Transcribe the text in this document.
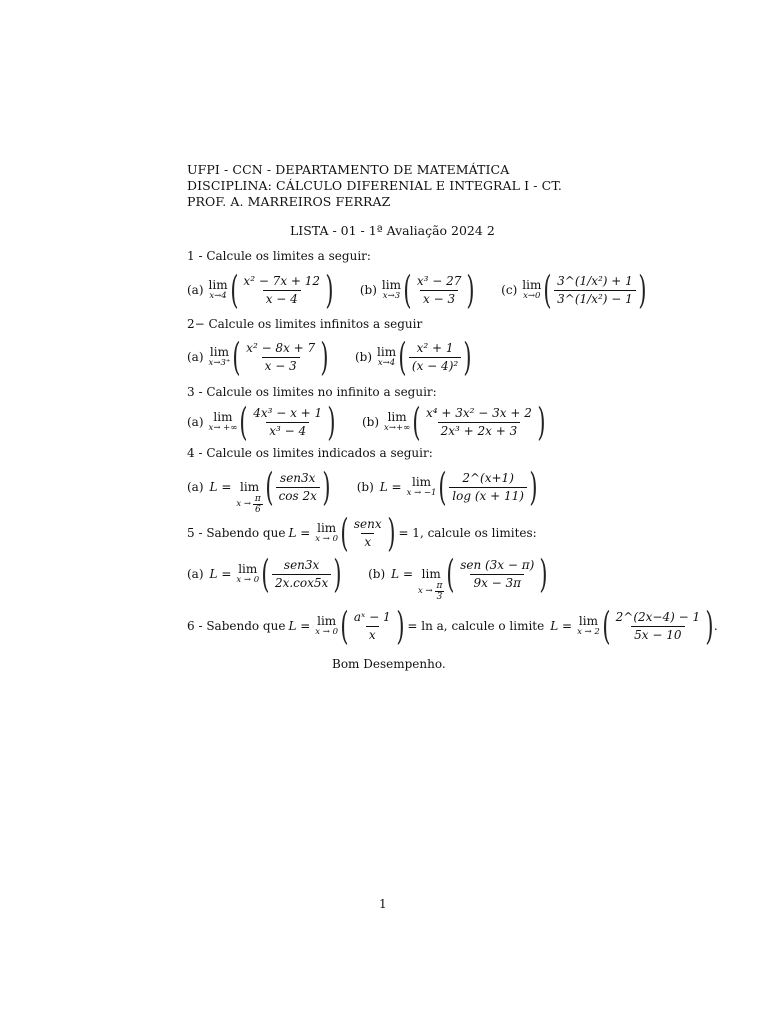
UFPI - CCN - DEPARTAMENTO DE MATEMÁTICA
DISCIPLINA: CÁLCULO DIFERENIAL E INTEGRAL I - CT.
PROF. A. MARREIROS FERRAZ
LISTA - 01 - 1ª Avaliação 2024 2
1 - Calcule os limites a seguir:
(a) lim
x→4 ( $\frac{\text{x² − 7x + 12}}{x - 4}$ ) (b) lim
x→3 ( $\frac{\text{x³ − 27}}{x - 3}$ ) (c) lim
x→0 ( $\frac{\text{3\textasciicircum{}(1/x²) + 1}}{\text{3\textasciicircum{}(1/x²) − 1}}$ )
2− Calcule os limites infinitos a seguir
(a) lim
x→3⁺ ( $\frac{\text{x² − 8x + 7}}{x - 3}$ ) (b) lim
x→4 ( $\frac{\text{x² + 1}}{\text{(x − 4)²}}$ )
3 - Calcule os limites no infinito a seguir:
(a) lim
x→ +∞ ( $\frac{\text{4x³ − x + 1}}{\text{x³ − 4}}$ ) (b) lim
x→+∞ ( $\frac{\text{x⁴ + 3x² − 3x + 2}}{\text{2x³ + 2x + 3}}$ )
4 - Calcule os limites indicados a seguir:
(a) L = lim
x → π
6
( $\frac{\text{sen3x}}{\cos 2x}$ ) (b) L = lim
x → −1 ( $\frac{2\^{}(x+1)}{\log (x + 11)}$ )
5 - Sabendo que L = lim
x → 0 ( $\frac{\text{senx}}{x}$ ) = 1, calcule os limites:
(a) L = lim
x → 0 ( $\frac{\text{sen3x}}{\text{2x.cox5x}}$ ) (b) L = lim
x → π
3
( $\frac{\text{sen (3x − π)}}{9x - 3\pi}$ )
6 - Sabendo que L = lim
x → 0 ( $\frac{\text{aˣ − 1}}{x}$ ) = ln a, calcule o limite L = lim
x → 2 ( $\frac{2\^{}(2x-4) - 1}{5x - 10}$ ) .
Bom Desempenho.
1
